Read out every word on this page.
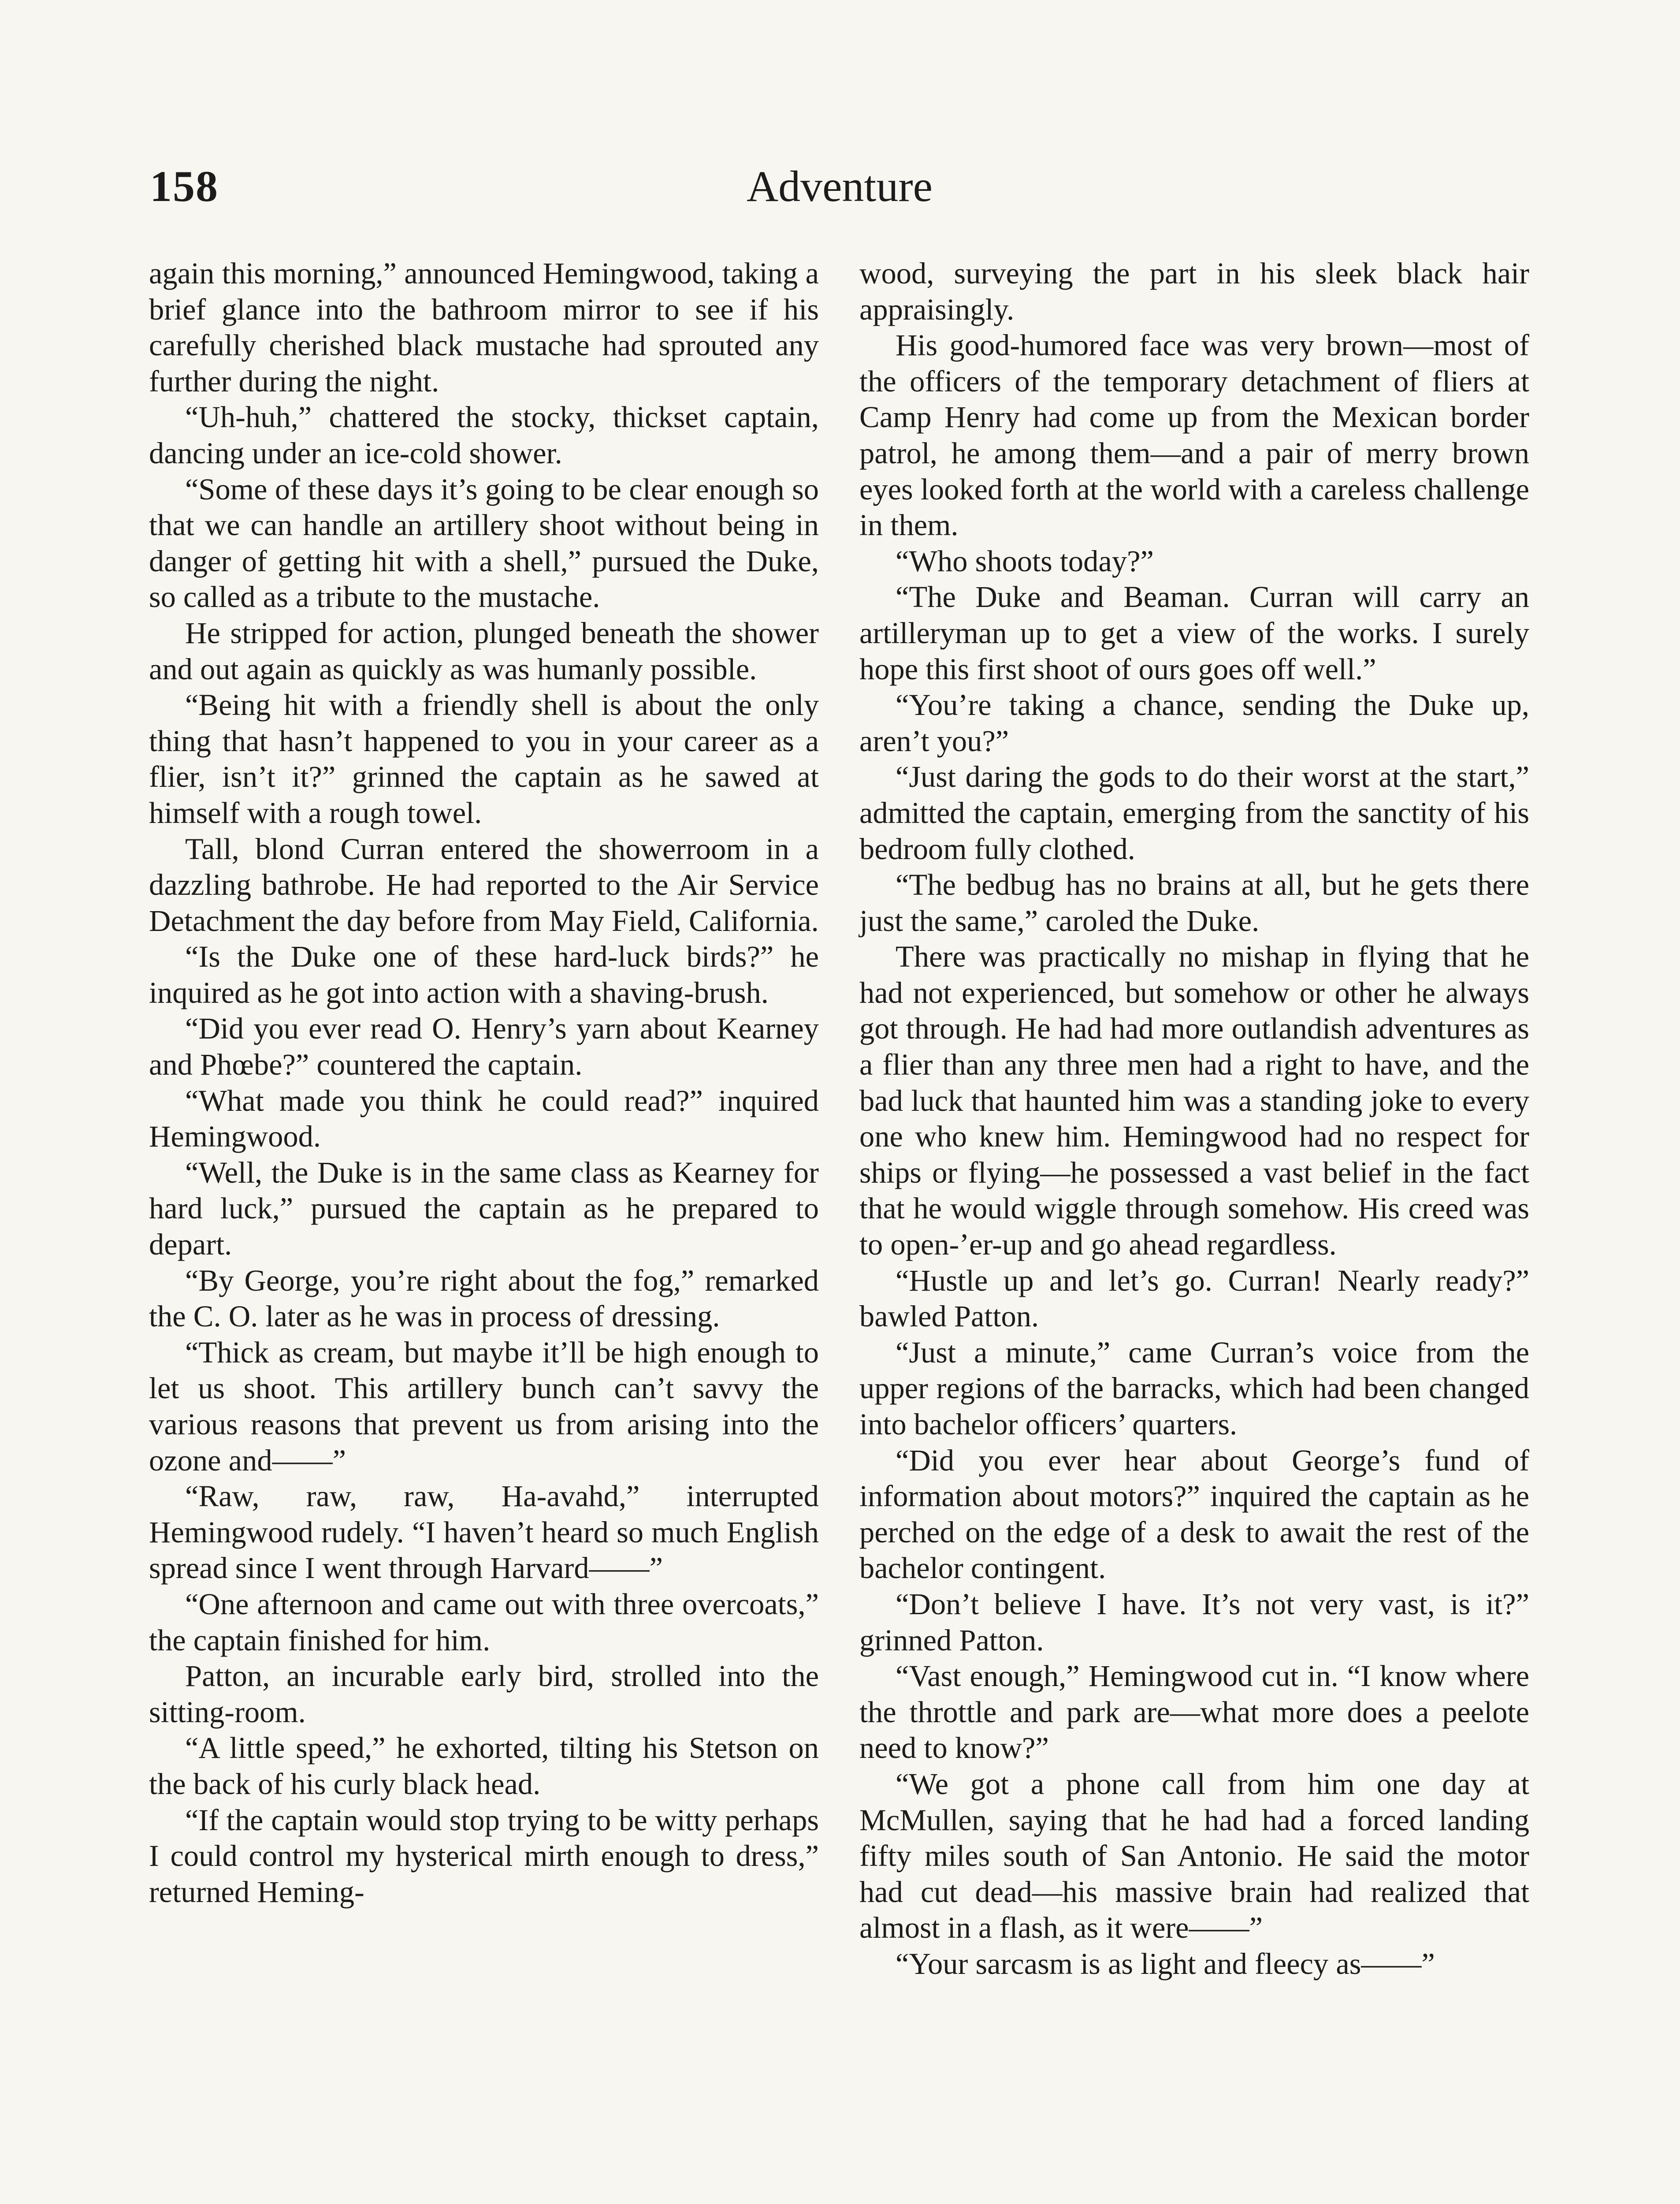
158	Adventure

again this morning,” announced Hemingwood, taking a brief glance into the bathroom mirror to see if his carefully cherished black mustache had sprouted any further during the night.

“Uh-huh,” chattered the stocky, thickset captain, dancing under an ice-cold shower.

“Some of these days it’s going to be clear enough so that we can handle an artillery shoot without being in danger of getting hit with a shell,” pursued the Duke, so called as a tribute to the mustache.

He stripped for action, plunged beneath the shower and out again as quickly as was humanly possible.

“Being hit with a friendly shell is about the only thing that hasn’t happened to you in your career as a flier, isn’t it?” grinned the captain as he sawed at himself with a rough towel.

Tall, blond Curran entered the showerroom in a dazzling bathrobe. He had reported to the Air Service Detachment the day before from May Field, California.

“Is the Duke one of these hard-luck birds?” he inquired as he got into action with a shaving-brush.

“Did you ever read O. Henry’s yarn about Kearney and Phœbe?” countered the captain.

“What made you think he could read?” inquired Hemingwood.

“Well, the Duke is in the same class as Kearney for hard luck,” pursued the captain as he prepared to depart.

“By George, you’re right about the fog,” remarked the C. O. later as he was in process of dressing.

“Thick as cream, but maybe it’ll be high enough to let us shoot. This artillery bunch can’t savvy the various reasons that prevent us from arising into the ozone and——”

“Raw, raw, raw, Ha-avahd,” interrupted Hemingwood rudely. “I haven’t heard so much English spread since I went through Harvard——”

“One afternoon and came out with three overcoats,” the captain finished for him.

Patton, an incurable early bird, strolled into the sitting-room.

“A little speed,” he exhorted, tilting his Stetson on the back of his curly black head.

“If the captain would stop trying to be witty perhaps I could control my hysterical mirth enough to dress,” returned Heming-

wood, surveying the part in his sleek black hair appraisingly.

His good-humored face was very brown—most of the officers of the temporary detachment of fliers at Camp Henry had come up from the Mexican border patrol, he among them—and a pair of merry brown eyes looked forth at the world with a careless challenge in them.

“Who shoots today?”

“The Duke and Beaman. Curran will carry an artilleryman up to get a view of the works. I surely hope this first shoot of ours goes off well.”

“You’re taking a chance, sending the Duke up, aren’t you?”

“Just daring the gods to do their worst at the start,” admitted the captain, emerging from the sanctity of his bedroom fully clothed.

“The bedbug has no brains at all, but he gets there just the same,” caroled the Duke.

There was practically no mishap in flying that he had not experienced, but somehow or other he always got through. He had had more outlandish adventures as a flier than any three men had a right to have, and the bad luck that haunted him was a standing joke to every one who knew him. Hemingwood had no respect for ships or flying—he possessed a vast belief in the fact that he would wiggle through somehow. His creed was to open-’er-up and go ahead regardless.

“Hustle up and let’s go. Curran! Nearly ready?” bawled Patton.

“Just a minute,” came Curran’s voice from the upper regions of the barracks, which had been changed into bachelor officers’ quarters.

“Did you ever hear about George’s fund of information about motors?” inquired the captain as he perched on the edge of a desk to await the rest of the bachelor contingent.

“Don’t believe I have. It’s not very vast, is it?” grinned Patton.

“Vast enough,” Hemingwood cut in. “I know where the throttle and park are—what more does a peelote need to know?”

“We got a phone call from him one day at McMullen, saying that he had had a forced landing fifty miles south of San Antonio. He said the motor had cut dead—his massive brain had realized that almost in a flash, as it were——”

“Your sarcasm is as light and fleecy as——”
